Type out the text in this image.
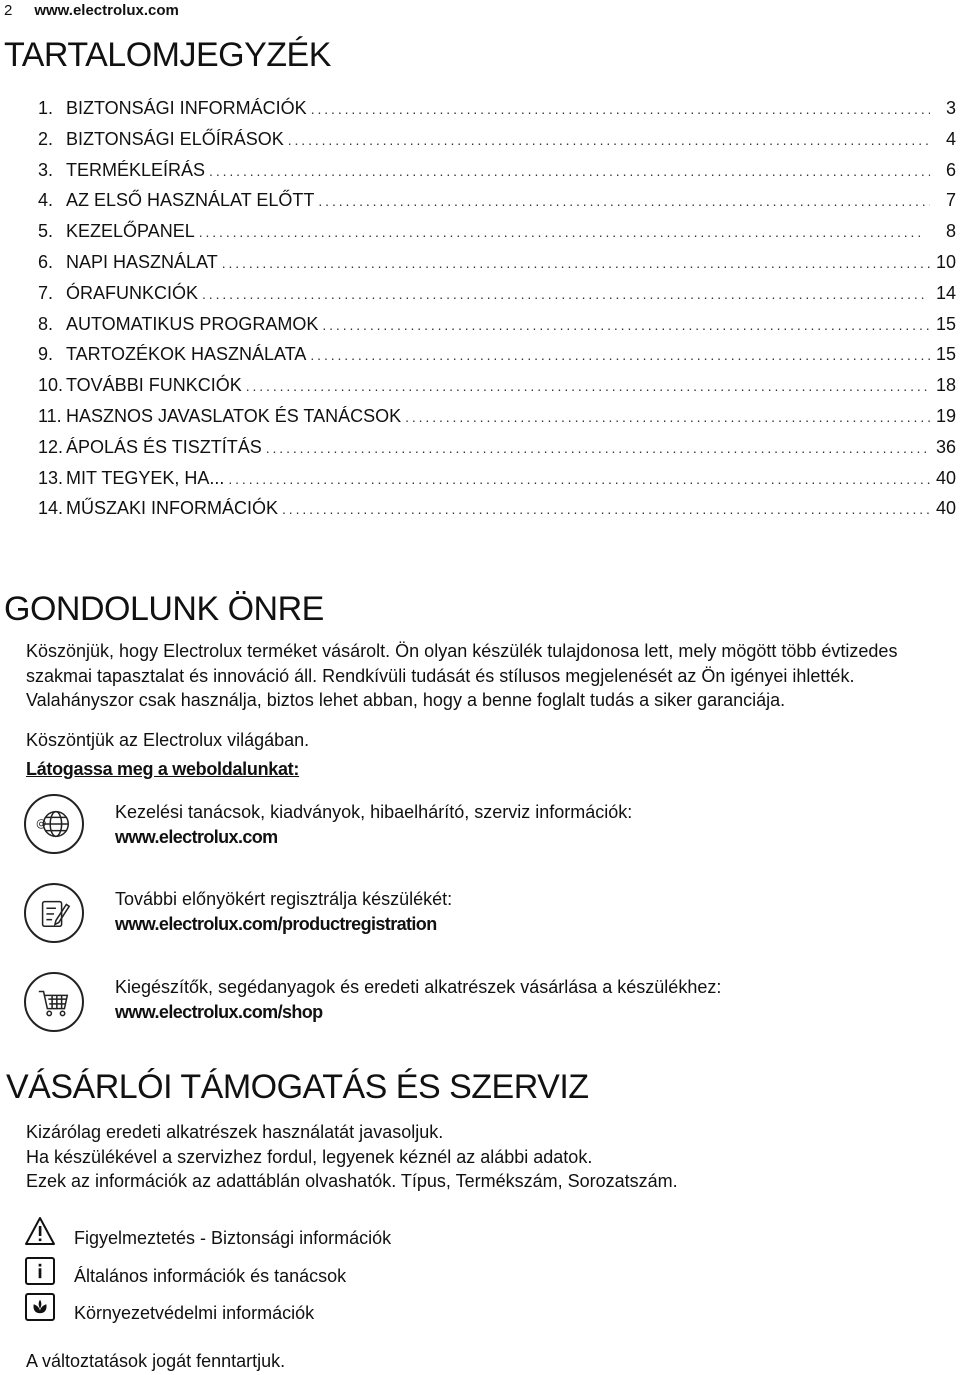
2 www.electrolux.com
TARTALOMJEGYZÉK
1. BIZTONSÁGI INFORMÁCIÓK . . .	3
2. BIZTONSÁGI ELŐÍRÁSOK . . .	4
3. TERMÉKLEÍRÁS . . .	6
4. AZ ELSŐ HASZNÁLAT ELŐTT . . .	7
5. KEZELŐPANEL . . .	8
6. NAPI HASZNÁLAT . . .	10
7. ÓRAFUNKCIÓK . . .	14
8. AUTOMATIKUS PROGRAMOK . . .	15
9. TARTOZÉKOK HASZNÁLATA . . .	15
10. TOVÁBBI FUNKCIÓK . . .	18
11. HASZNOS JAVASLATOK ÉS TANÁCSOK . . .	19
12. ÁPOLÁS ÉS TISZTÍTÁS . . .	36
13. MIT TEGYEK, HA... . . .	40
14. MŰSZAKI INFORMÁCIÓK . . .	40
GONDOLUNK ÖNRE
Köszönjük, hogy Electrolux terméket vásárolt. Ön olyan készülék tulajdonosa lett, mely mögött több évtizedes
szakmai tapasztalat és innováció áll. Rendkívüli tudását és stílusos megjelenését az Ön igényei ihlették.
Valahányszor csak használja, biztos lehet abban, hogy a benne foglalt tudás a siker garanciája.
Köszöntjük az Electrolux világában.
Látogassa meg a weboldalunkat:
@
Kezelési tanácsok, kiadványok, hibaelhárító, szerviz információk:
www.electrolux.com
További előnyökért regisztrálja készülékét:
www.electrolux.com/productregistration
Kiegészítők, segédanyagok és eredeti alkatrészek vásárlása a készülékhez:
www.electrolux.com/shop
VÁSÁRLÓI TÁMOGATÁS ÉS SZERVIZ
Kizárólag eredeti alkatrészek használatát javasoljuk.
Ha készülékével a szervizhez fordul, legyenek kéznél az alábbi adatok.
Ezek az információk az adattáblán olvashatók. Típus, Termékszám, Sorozatszám.
Figyelmeztetés - Biztonsági információk
Általános információk és tanácsok
Környezetvédelmi információk
A változtatások jogát fenntartjuk.
